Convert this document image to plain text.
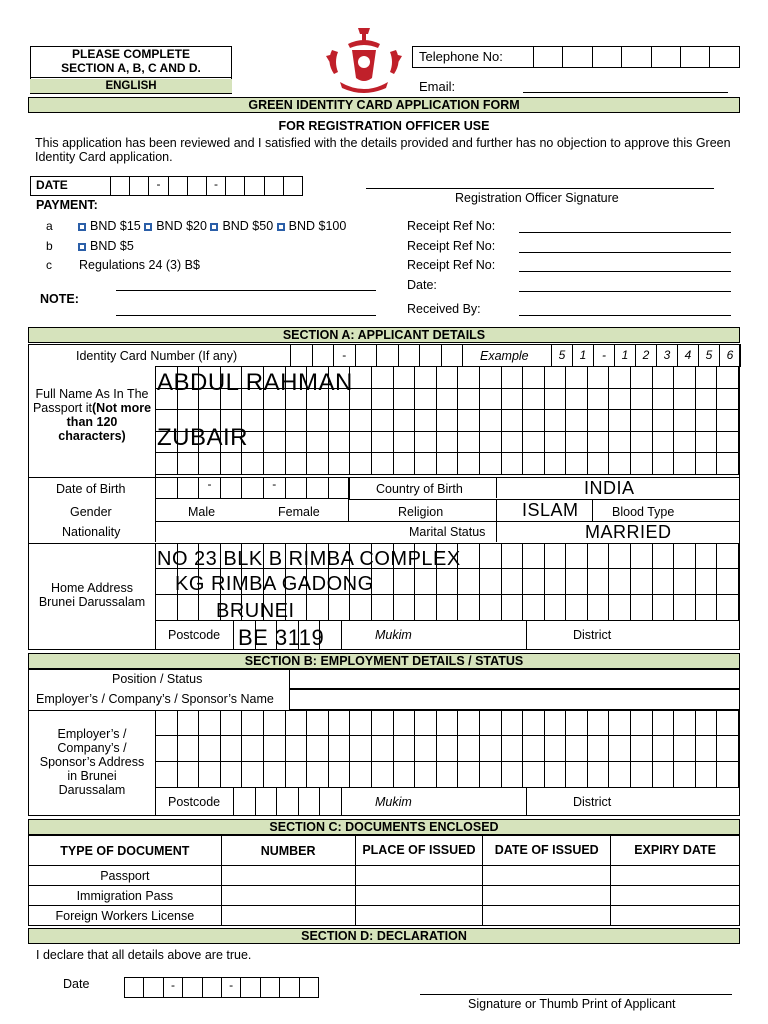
PLEASE COMPLETE SECTION A, B, C AND D.
ENGLISH
Telephone No:
Email:
GREEN IDENTITY CARD APPLICATION FORM
FOR REGISTRATION OFFICER USE
This application has been reviewed and I satisfied with the details provided and further has no objection to approve this Green Identity Card application.
DATE	-	-
Registration Officer Signature
PAYMENT:
a	BND $15 BND $20 BND $50 BND $100
b	BND $5
c Regulations 24 (3) B$
Receipt Ref No:
Receipt Ref No:
Receipt Ref No:
Date:
NOTE:
Received By:
SECTION A: APPLICANT DETAILS
Identity Card Number (If any)	-	Example	5	1	-	1	2	3	4	5	6
Full Name As In The Passport it(Not more than 120 characters)
ABDUL RAHMAN
ZUBAIR
Date of Birth	-	-	Country of Birth	INDIA
Gender	Male	Female	Religion	ISLAM	Blood Type
Nationality	Marital Status	MARRIED
Home Address Brunei Darussalam
NO 23 BLK B RIMBA COMPLEX
KG RIMBA GADONG
BRUNEI
Postcode BE 3119	Mukim	District
SECTION B: EMPLOYMENT DETAILS / STATUS
Position / Status
Employer’s / Company’s / Sponsor’s Name
Employer’s / Company’s / Sponsor’s Address in Brunei Darussalam
Postcode	Mukim	District
SECTION C: DOCUMENTS ENCLOSED
TYPE OF DOCUMENT	NUMBER	PLACE OF ISSUED	DATE OF ISSUED	EXPIRY DATE
Passport				
Immigration Pass				
Foreign Workers License				
SECTION D: DECLARATION
I declare that all details above are true.
Date	-	-
Signature or Thumb Print of Applicant
